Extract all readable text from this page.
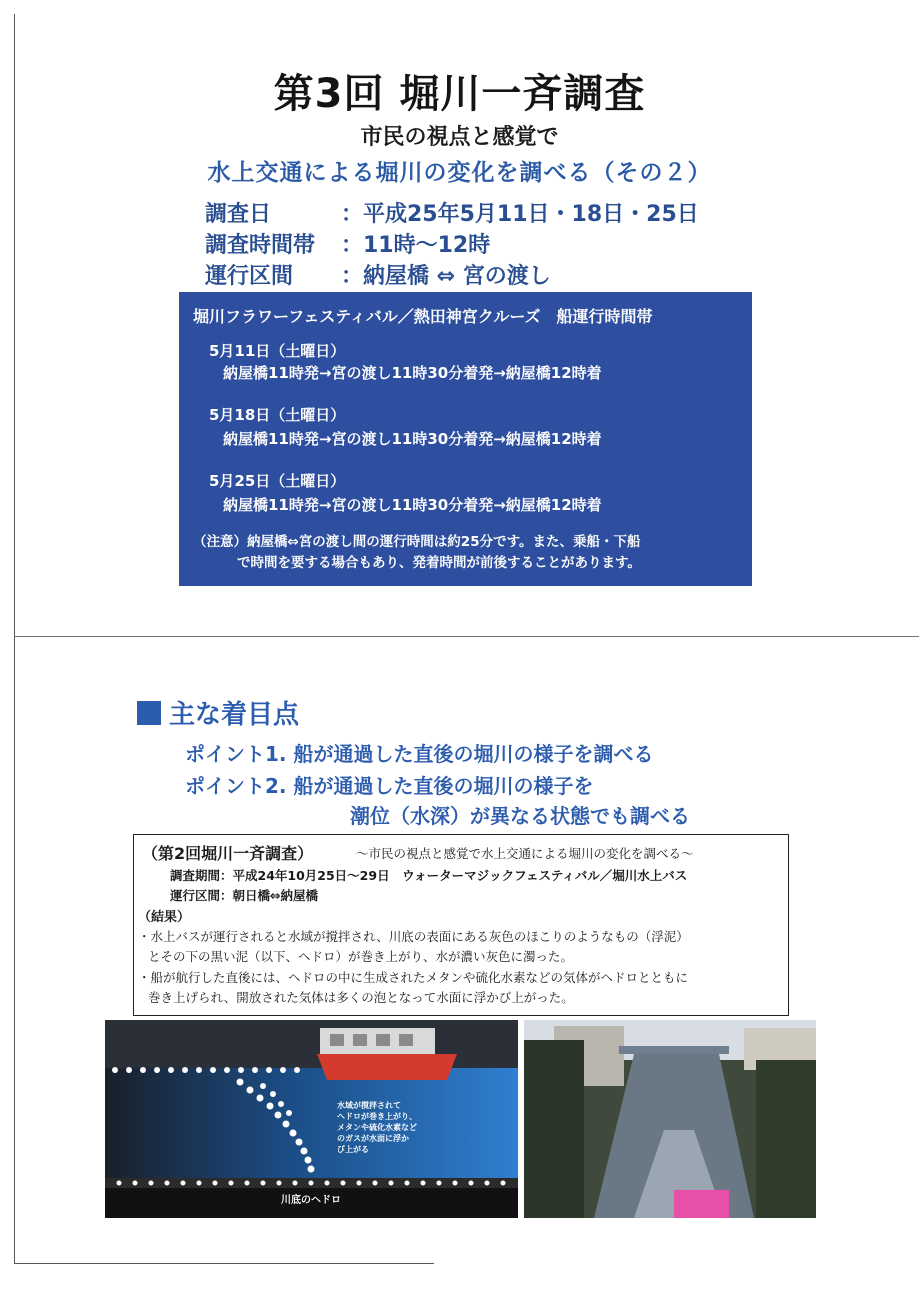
第3回 堀川一斉調査
市民の視点と感覚で
水上交通による堀川の変化を調べる（その２）
調査日	：平成25年5月11日・18日・25日
調査時間帯 ：11時～12時
運行区間 ：納屋橋 ⇔ 宮の渡し
堀川フラワーフェスティバル／熱田神宮クルーズ　船運行時間帯
5月11日（土曜日）
納屋橋11時発→宮の渡し11時30分着発→納屋橋12時着
5月18日（土曜日）
納屋橋11時発→宮の渡し11時30分着発→納屋橋12時着
5月25日（土曜日）
納屋橋11時発→宮の渡し11時30分着発→納屋橋12時着
（注意）納屋橋⇔宮の渡し間の運行時間は約25分です。また、乗船・下船
で時間を要する場合もあり、発着時間が前後することがあります。
主な着目点
ポイント1. 船が通過した直後の堀川の様子を調べる
ポイント2. 船が通過した直後の堀川の様子を
潮位（水深）が異なる状態でも調べる
（第2回堀川一斉調査）	～市民の視点と感覚で水上交通による堀川の変化を調べる～
調査期間：平成24年10月25日～29日　ウォーターマジックフェスティバル／堀川水上バス
運行区間：朝日橋⇔納屋橋
（結果）
・水上バスが運行されると水域が撹拌され、川底の表面にある灰色のほこりのようなもの（浮泥）
とその下の黒い泥（以下、ヘドロ）が巻き上がり、水が濃い灰色に濁った。
・船が航行した直後には、ヘドロの中に生成されたメタンや硫化水素などの気体がヘドロとともに
巻き上げられ、開放された気体は多くの泡となって水面に浮かび上がった。
水域が撹拌されて
ヘドロが巻き上がり、
メタンや硫化水素など
のガスが水面に浮か
び上がる
川底のヘドロ
